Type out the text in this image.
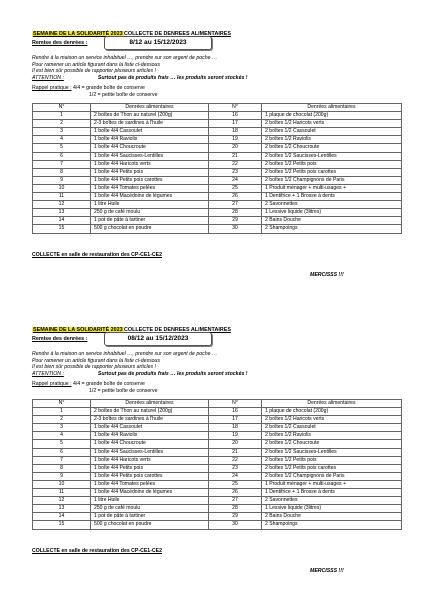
SEMAINE DE LA SOLIDARITÉ 2023 COLLECTE DE DENREES ALIMENTAIRES
Remise des denrées :	8/12 au 15/12/2023
Rendre à la maison un service inhabituel …, prendre sur son argent de poche …
Pour ramener un article figurant dans la liste ci-dessous
Il est bien sûr possible de rapporter plusieurs articles !
ATTENTION :	Surtout pas de produits frais … les produits seront stockés !
Rappel pratique : 4/4 = grande boîte de conserve
1/2 = petite boîte de conserve
N°	Denrées alimentaires	N°	Denrées alimentaires
1	2 boîtes de Thon au naturel (200g)	16	1 plaque de chocolat (200g)
2	2-3 boîtes de sardines à l'huile	17	2 boîtes 1/2 Haricots verts
3	1 boîte 4/4 Cassoulet	18	2 boîtes 1/2 Cassoulet
4	1 boîte 4/4 Raviolis	19	2 boîtes 1/2 Raviolis
5	1 boîte 4/4 Choucroute	20	2 boîtes 1/2 Choucroute
6	1 boîte 4/4 Saucisses-Lentilles	21	2 boîtes 1/2 Saucisses-Lentilles
7	1 boîte 4/4 Haricots verts	22	2 boîtes 1/2 Petits pois
8	1 boîte 4/4 Petits pois	23	2 boîtes 1/2 Petits pois carottes
9	1 boîte 4/4 Petits pois carottes	24	2 boîtes 1/2 Champignons de Paris
10	1 boîte 4/4 Tomates pelées	25	1 Produit ménager + multi-usages +
11	1 boîte 4/4 Macédoine de légumes	26	1 Dentifrice + 1 Brosse à dents
12	1 litre Huile	27	2 Savonnettes
13	250 g de café moulu	28	1 Lessive liquide (3litres)
14	1 pot de pâte à tartiner	29	2 Bains Douche
15	500 g chocolat en poudre	30	2 Shampoings
COLLECTE en salle de restauration des CP-CE1-CE2
MERCISSS !!!
SEMAINE DE LA SOLIDARITÉ 2023 COLLECTE DE DENREES ALIMENTAIRES
Remise des denrées :	08/12 au 15/12/2023
Rendre à la maison un service inhabituel …, prendre sur son argent de poche …
Pour ramener un article figurant dans la liste ci-dessous
Il est bien sûr possible de rapporter plusieurs articles !
ATTENTION :	Surtout pas de produits frais … les produits seront stockés !
Rappel pratique : 4/4 = grande boîte de conserve
1/2 = petite boîte de conserve
N°	Denrées alimentaires	N°	Denrées alimentaires
1	2 boîtes de Thon au naturel (200g)	16	1 plaque de chocolat (200g)
2	2-3 boîtes de sardines à l'huile	17	2 boîtes 1/2 Haricots verts
3	1 boîte 4/4 Cassoulet	18	2 boîtes 1/2 Cassoulet
4	1 boîte 4/4 Raviolis	19	2 boîtes 1/2 Raviolis
5	1 boîte 4/4 Choucroute	20	2 boîtes 1/2 Choucroute
6	1 boîte 4/4 Saucisses-Lentilles	21	2 boîtes 1/2 Saucisses-Lentilles
7	1 boîte 4/4 Haricots verts	22	2 boîtes 1/2 Petits pois
8	1 boîte 4/4 Petits pois	23	2 boîtes 1/2 Petits pois carottes
9	1 boîte 4/4 Petits pois carottes	24	2 boîtes 1/2 Champignons de Paris
10	1 boîte 4/4 Tomates pelées	25	1 Produit ménager + multi-usages +
11	1 boîte 4/4 Macédoine de légumes	26	1 Dentifrice + 1 Brosse à dents
12	1 litre Huile	27	2 Savonnettes
13	250 g de café moulu	28	1 Lessive liquide (3litres)
14	1 pot de pâte à tartiner	29	2 Bains Douche
15	500 g chocolat en poudre	30	2 Shampoings
COLLECTE en salle de restauration des CP-CE1-CE2
MERCISSS !!!
